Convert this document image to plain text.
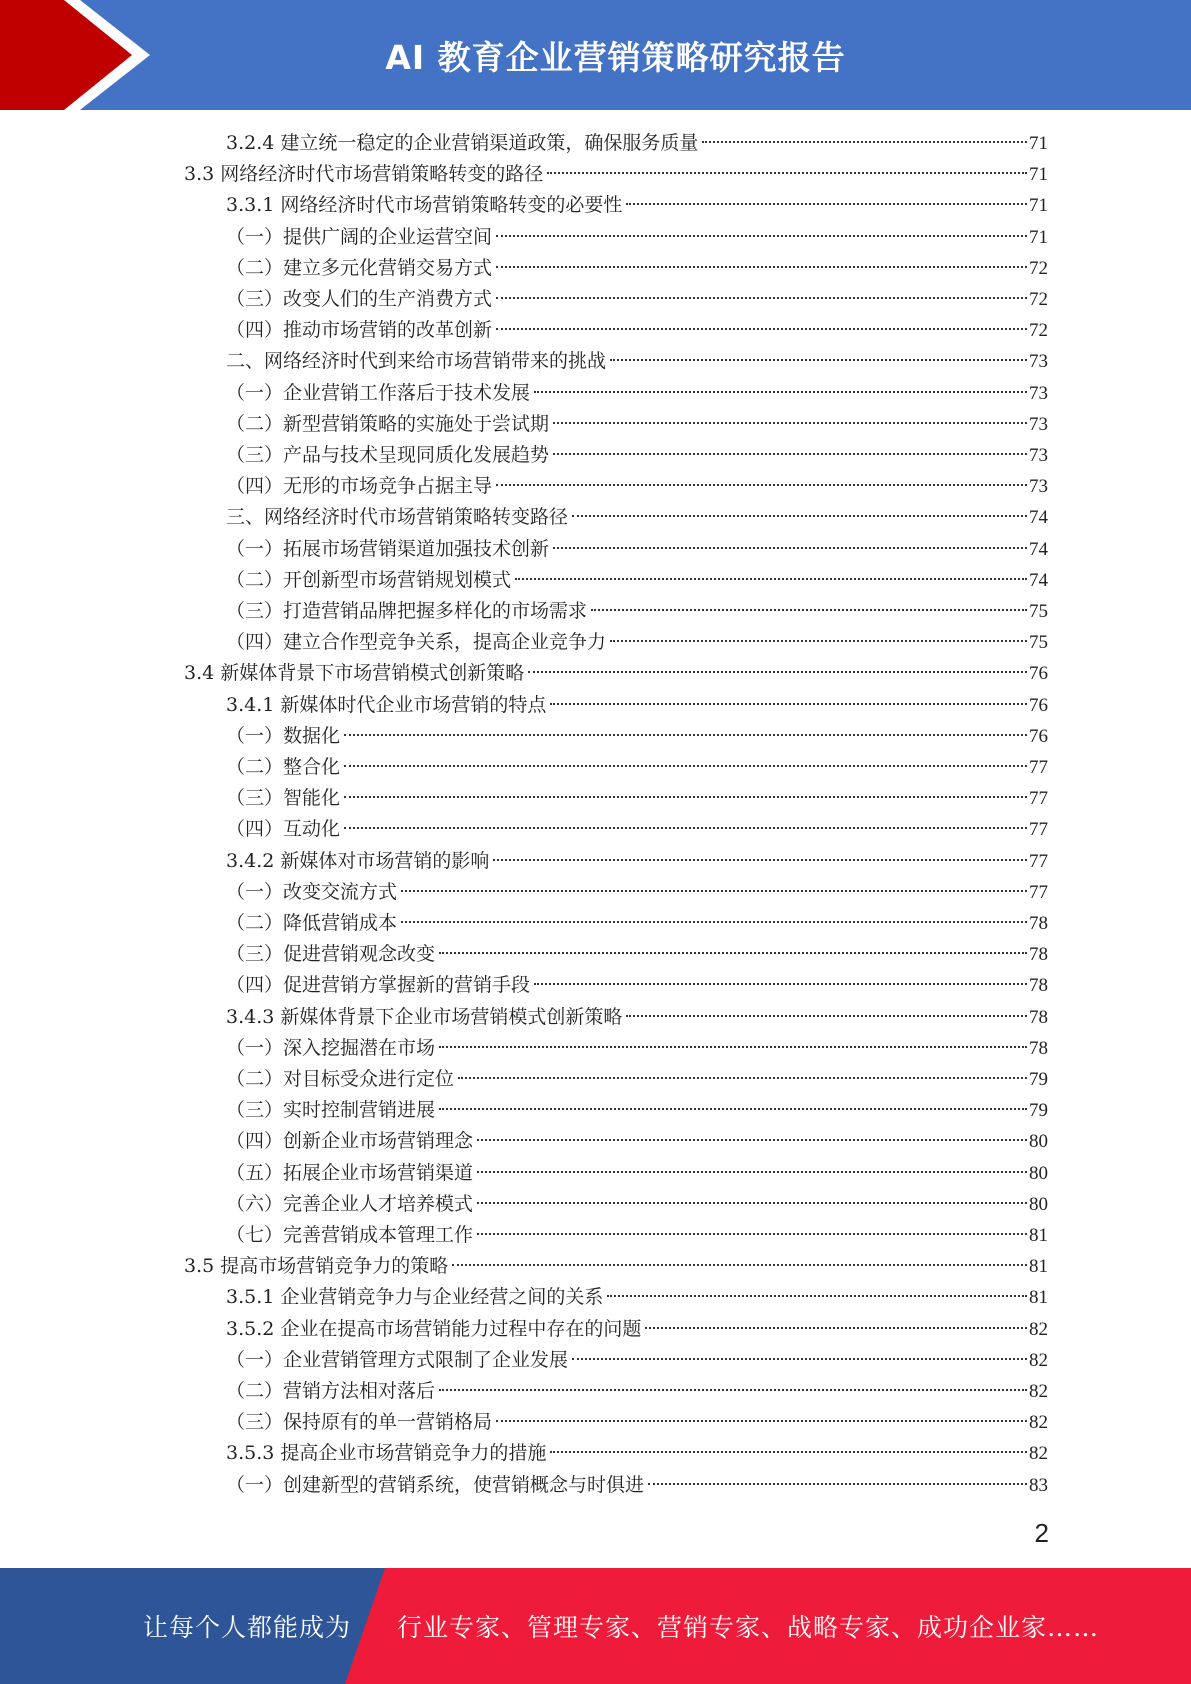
AI 教育企业营销策略研究报告
3.2.4 建立统一稳定的企业营销渠道政策，确保服务质量	71
3.3 网络经济时代市场营销策略转变的路径	71
3.3.1 网络经济时代市场营销策略转变的必要性	71
（一）提供广阔的企业运营空间	71
（二）建立多元化营销交易方式	72
（三）改变人们的生产消费方式	72
（四）推动市场营销的改革创新	72
二、网络经济时代到来给市场营销带来的挑战	73
（一）企业营销工作落后于技术发展	73
（二）新型营销策略的实施处于尝试期	73
（三）产品与技术呈现同质化发展趋势	73
（四）无形的市场竞争占据主导	73
三、网络经济时代市场营销策略转变路径	74
（一）拓展市场营销渠道加强技术创新	74
（二）开创新型市场营销规划模式	74
（三）打造营销品牌把握多样化的市场需求	75
（四）建立合作型竞争关系，提高企业竞争力	75
3.4 新媒体背景下市场营销模式创新策略	76
3.4.1 新媒体时代企业市场营销的特点	76
（一）数据化	76
（二）整合化	77
（三）智能化	77
（四）互动化	77
3.4.2 新媒体对市场营销的影响	77
（一）改变交流方式	77
（二）降低营销成本	78
（三）促进营销观念改变	78
（四）促进营销方掌握新的营销手段	78
3.4.3 新媒体背景下企业市场营销模式创新策略	78
（一）深入挖掘潜在市场	78
（二）对目标受众进行定位	79
（三）实时控制营销进展	79
（四）创新企业市场营销理念	80
（五）拓展企业市场营销渠道	80
（六）完善企业人才培养模式	80
（七）完善营销成本管理工作	81
3.5 提高市场营销竞争力的策略	81
3.5.1 企业营销竞争力与企业经营之间的关系	81
3.5.2 企业在提高市场营销能力过程中存在的问题	82
（一）企业营销管理方式限制了企业发展	82
（二）营销方法相对落后	82
（三）保持原有的单一营销格局	82
3.5.3 提高企业市场营销竞争力的措施	82
（一）创建新型的营销系统，使营销概念与时俱进	83
2
让每个人都能成为 行业专家、管理专家、营销专家、战略专家、成功企业家……
